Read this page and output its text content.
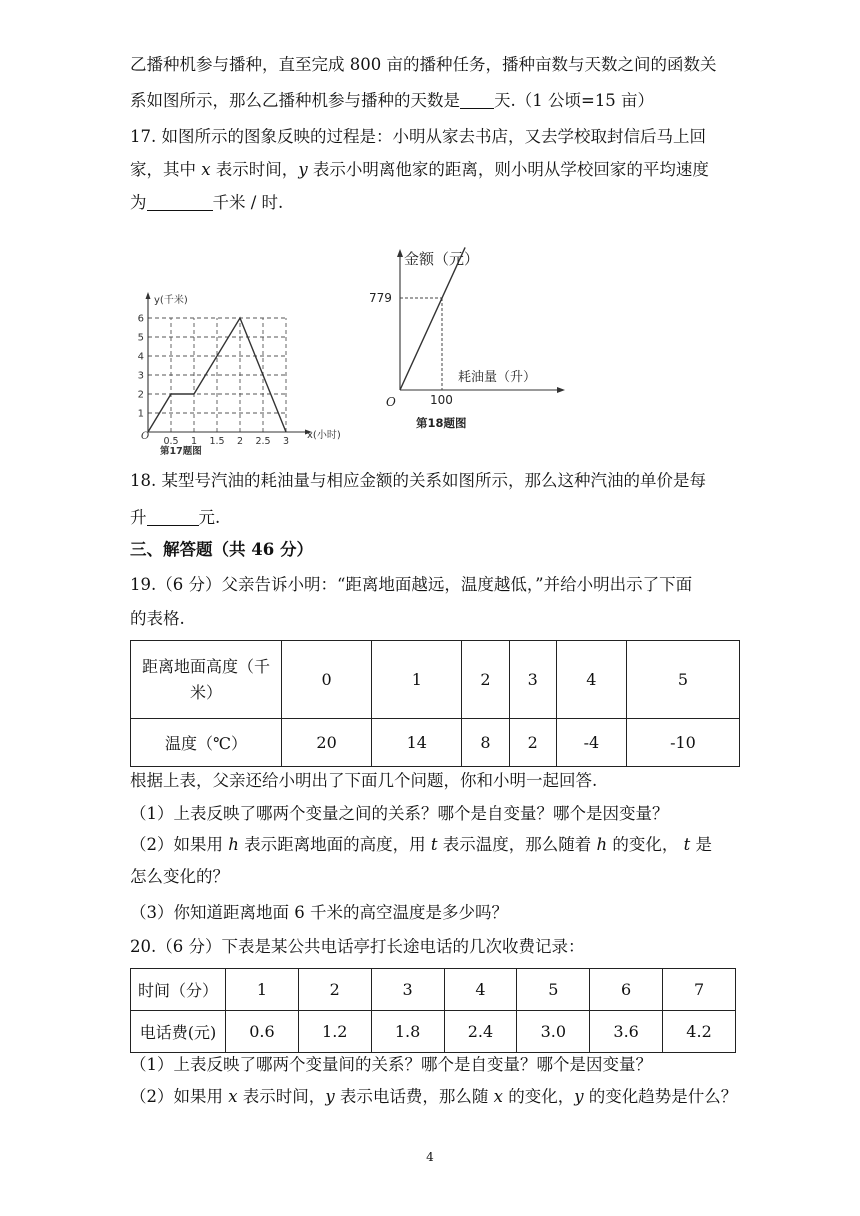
乙播种机参与播种，直至完成 800 亩的播种任务，播种亩数与天数之间的函数关

系如图所示，那么乙播种机参与播种的天数是 天.（1 公顷=15 亩）

17. 如图所示的图象反映的过程是：小明从家去书店，又去学校取封信后马上回

家，其中 x 表示时间，y 表示小明离他家的距离，则小明从学校回家的平均速度

为	千米 / 时.

1
2
3
4
5
6
0.5 1 1.5 2 2.5 3
y(千米)
x(小时)
O
第17题图
金额（元）
耗油量（升）
779
100
O
第18题图

18. 某型号汽油的耗油量与相应金额的关系如图所示，那么这种汽油的单价是每

升	元.

三、解答题（共 46 分）

19.（6 分）父亲告诉小明：“距离地面越远，温度越低，”并给小明出示了下面

的表格.

距离地面高度（千
米）	0	1	2	3	4	5
温度（℃）	20	14	8	2	-4	-10

根据上表，父亲还给小明出了下面几个问题，你和小明一起回答.

（1）上表反映了哪两个变量之间的关系？哪个是自变量？哪个是因变量？

（2）如果用 h 表示距离地面的高度，用 t 表示温度，那么随着 h 的变化， t 是

怎么变化的？

（3）你知道距离地面 6 千米的高空温度是多少吗？

20.（6 分）下表是某公共电话亭打长途电话的几次收费记录：

时间（分）	1	2	3	4	5	6	7
电话费(元)	0.6	1.2	1.8	2.4	3.0	3.6	4.2

（1）上表反映了哪两个变量间的关系？哪个是自变量？哪个是因变量？

（2）如果用 x 表示时间，y 表示电话费，那么随 x 的变化，y 的变化趋势是什么？

4
